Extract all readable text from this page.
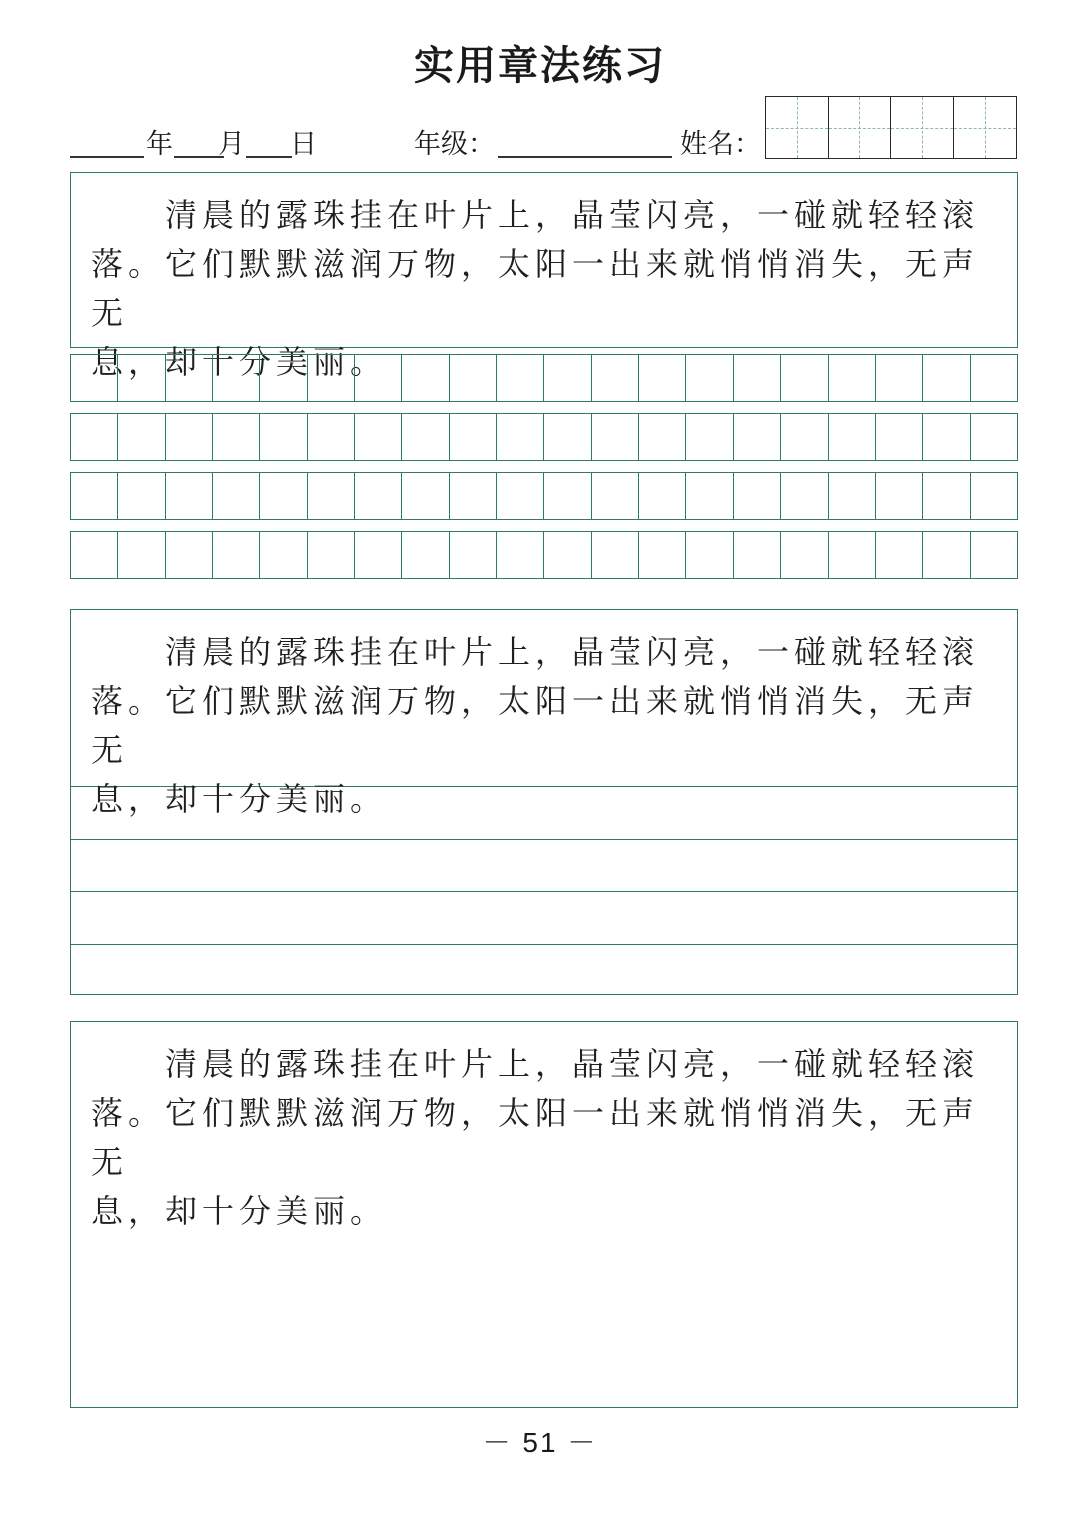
实用章法练习
年 月 日	年级：	姓名：
清晨的露珠挂在叶片上，晶莹闪亮，一碰就轻轻滚
落。它们默默滋润万物，太阳一出来就悄悄消失，无声无
息，却十分美丽。
清晨的露珠挂在叶片上，晶莹闪亮，一碰就轻轻滚
落。它们默默滋润万物，太阳一出来就悄悄消失，无声无
息，却十分美丽。
清晨的露珠挂在叶片上，晶莹闪亮，一碰就轻轻滚
落。它们默默滋润万物，太阳一出来就悄悄消失，无声无
息，却十分美丽。
－ 51 －
